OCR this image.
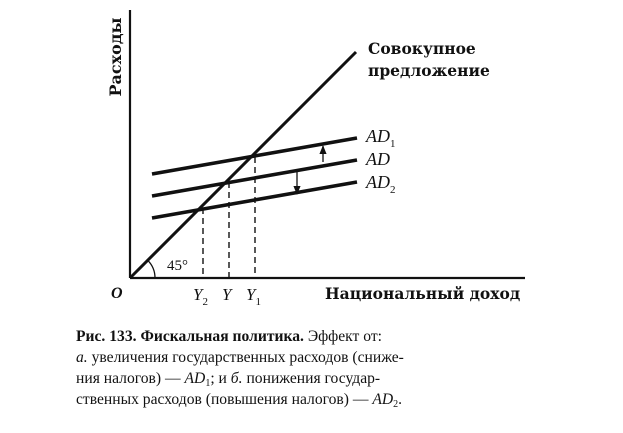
Расходы	Совокупное предложение
$AD_1$
AD
$AD_2$
45°
O	$Y_2$ Y $Y_1$	Национальный доход
Рис. 133. Фискальная политика. Эффект от:
а. увеличения государственных расходов (сниже-
ния налогов) — $AD_1$; и б. понижения государ-
ственных расходов (повышения налогов) — $AD_2$.
